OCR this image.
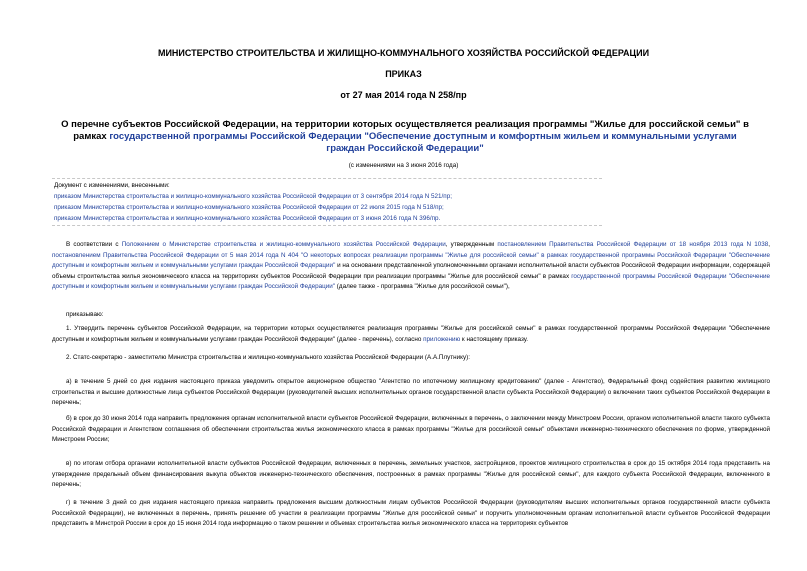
МИНИСТЕРСТВО СТРОИТЕЛЬСТВА И ЖИЛИЩНО-КОММУНАЛЬНОГО ХОЗЯЙСТВА РОССИЙСКОЙ ФЕДЕРАЦИИ
ПРИКАЗ
от 27 мая 2014 года N 258/пр
О перечне субъектов Российской Федерации, на территории которых осуществляется реализация программы "Жилье для российской семьи" в рамках государственной программы Российской Федерации "Обеспечение доступным и комфортным жильем и коммунальными услугами граждан Российской Федерации"
(с изменениями на 3 июня 2016 года)
Документ с изменениями, внесенными:
приказом Министерства строительства и жилищно-коммунального хозяйства Российской Федерации от 3 сентября 2014 года N 521/пр;
приказом Министерства строительства и жилищно-коммунального хозяйства Российской Федерации от 22 июля 2015 года N 518/пр;
приказом Министерства строительства и жилищно-коммунального хозяйства Российской Федерации от 3 июня 2016 года N 396/пр.
В соответствии с Положением о Министерстве строительства и жилищно-коммунального хозяйства Российской Федерации, утвержденным постановлением Правительства Российской Федерации от 18 ноября 2013 года N 1038, постановлением Правительства Российской Федерации от 5 мая 2014 года N 404 "О некоторых вопросах реализации программы "Жилье для российской семьи" в рамках государственной программы Российской Федерации "Обеспечение доступным и комфортным жильем и коммунальными услугами граждан Российской Федерации" и на основании представленной уполномоченными органами исполнительной власти субъектов Российской Федерации информации, содержащей объемы строительства жилья экономического класса на территориях субъектов Российской Федерации при реализации программы "Жилье для российской семьи" в рамках государственной программы Российской Федерации "Обеспечение доступным и комфортным жильем и коммунальными услугами граждан Российской Федерации" (далее также - программа "Жилье для российской семьи"),
приказываю:
1. Утвердить перечень субъектов Российской Федерации, на территории которых осуществляется реализация программы "Жилье для российской семьи" в рамках государственной программы Российской Федерации "Обеспечение доступным и комфортным жильем и коммунальными услугами граждан Российской Федерации" (далее - перечень), согласно приложению к настоящему приказу.
2. Статс-секретарю - заместителю Министра строительства и жилищно-коммунального хозяйства Российской Федерации (А.А.Плутнику):
а) в течение 5 дней со дня издания настоящего приказа уведомить открытое акционерное общество "Агентство по ипотечному жилищному кредитованию" (далее - Агентство), Федеральный фонд содействия развитию жилищного строительства и высшие должностные лица субъектов Российской Федерации (руководителей высших исполнительных органов государственной власти субъекта Российской Федерации) о включении таких субъектов Российской Федерации в перечень;
б) в срок до 30 июня 2014 года направить предложения органам исполнительной власти субъектов Российской Федерации, включенных в перечень, о заключении между Минстроем России, органом исполнительной власти такого субъекта Российской Федерации и Агентством соглашения об обеспечении строительства жилья экономического класса в рамках программы "Жилье для российской семьи" объектами инженерно-технического обеспечения по форме, утвержденной Минстроем России;
в) по итогам отбора органами исполнительной власти субъектов Российской Федерации, включенных в перечень, земельных участков, застройщиков, проектов жилищного строительства в срок до 15 октября 2014 года представить на утверждение предельный объем финансирования выкупа объектов инженерно-технического обеспечения, построенных в рамках программы "Жилье для российской семьи", для каждого субъекта Российской Федерации, включенного в перечень;
г) в течение 3 дней со дня издания настоящего приказа направить предложения высшим должностным лицам субъектов Российской Федерации (руководителям высших исполнительных органов государственной власти субъекта Российской Федерации), не включенных в перечень, принять решение об участии в реализации программы "Жилье для российской семьи" и поручить уполномоченным органам исполнительной власти субъектов Российской Федерации представить в Минстрой России в срок до 15 июня 2014 года информацию о таком решении и объемах строительства жилья экономического класса на территориях субъектов
